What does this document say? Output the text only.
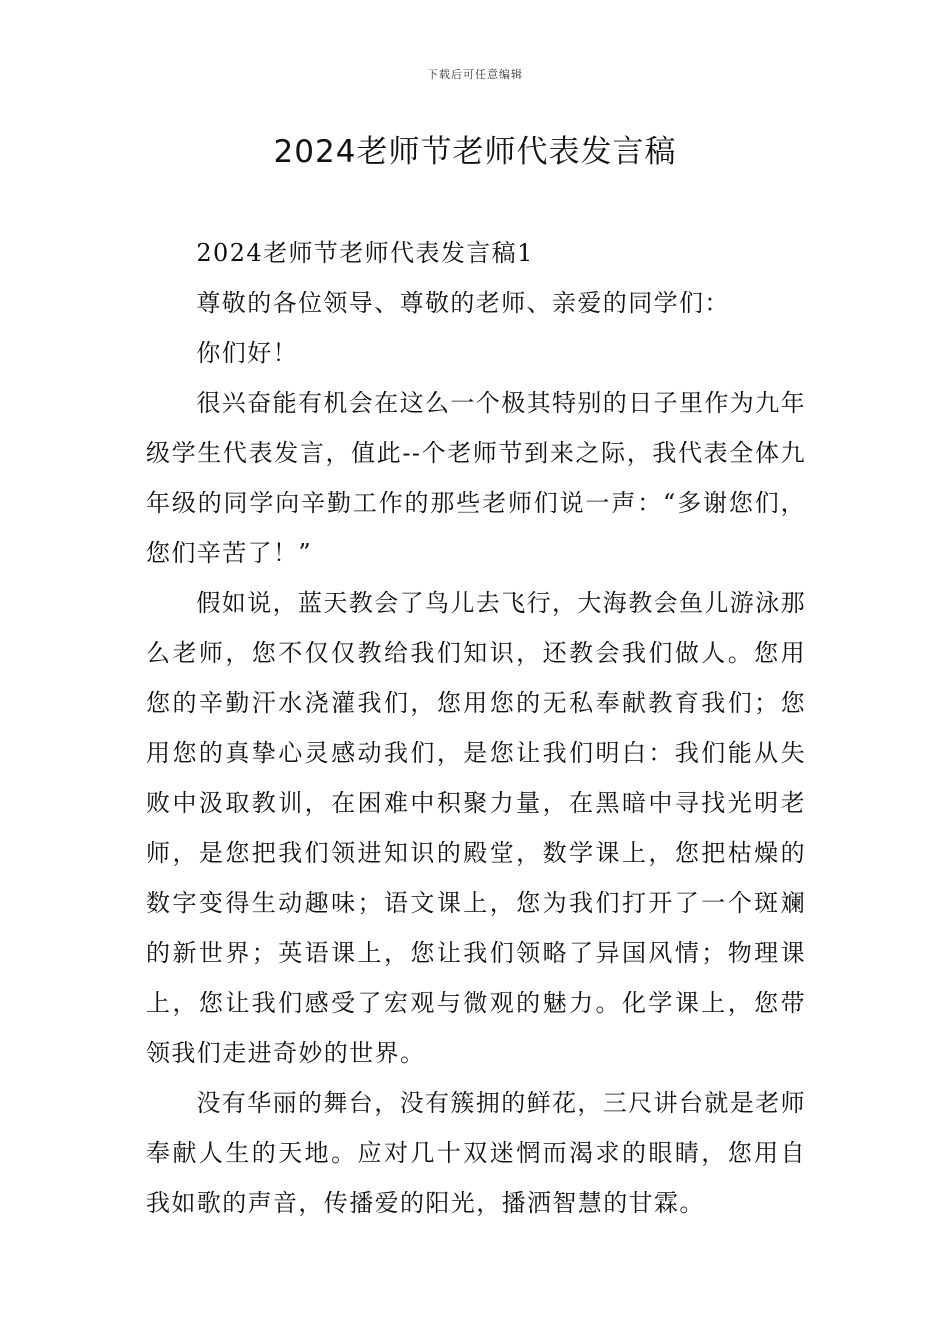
下载后可任意编辑
2024老师节老师代表发言稿

2024老师节老师代表发言稿1

尊敬的各位领导、尊敬的老师、亲爱的同学们：

你们好！

很兴奋能有机会在这么一个极其特别的日子里作为九年级学生代表发言，值此--个老师节到来之际，我代表全体九年级的同学向辛勤工作的那些老师们说一声：“多谢您们，您们辛苦了！”

假如说，蓝天教会了鸟儿去飞行，大海教会鱼儿游泳那么老师，您不仅仅教给我们知识，还教会我们做人。您用您的辛勤汗水浇灌我们，您用您的无私奉献教育我们；您用您的真挚心灵感动我们，是您让我们明白：我们能从失败中汲取教训，在困难中积聚力量，在黑暗中寻找光明老师，是您把我们领进知识的殿堂，数学课上，您把枯燥的数字变得生动趣味；语文课上，您为我们打开了一个斑斓的新世界；英语课上，您让我们领略了异国风情；物理课上，您让我们感受了宏观与微观的魅力。化学课上，您带领我们走进奇妙的世界。

没有华丽的舞台，没有簇拥的鲜花，三尺讲台就是老师奉献人生的天地。应对几十双迷惘而渴求的眼睛，您用自我如歌的声音，传播爱的阳光，播洒智慧的甘霖。
